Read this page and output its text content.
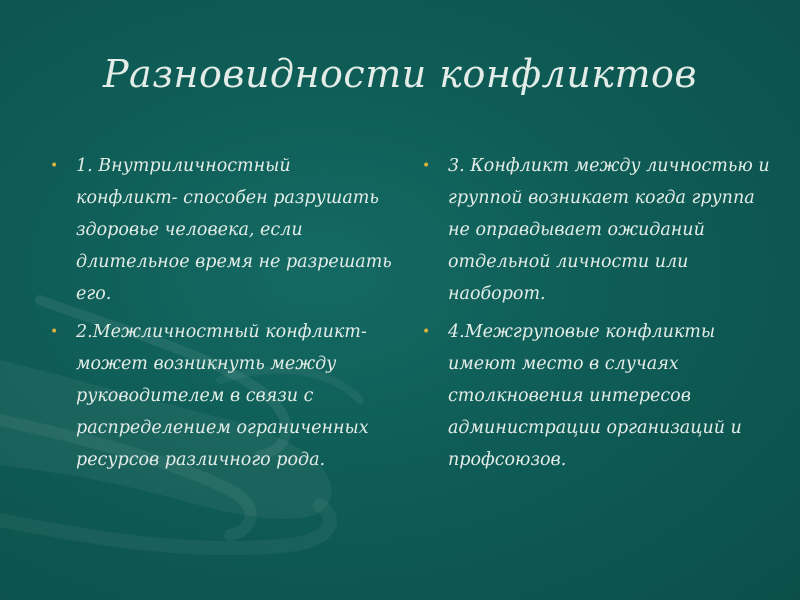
Разновидности конфликтов
• 1. Внутриличностный конфликт- способен разрушать здоровье человека, если длительное время не разрешать его.
• 2.Межличностный конфликт- может возникнуть между руководителем в связи с распределением ограниченных ресурсов различного рода.
• 3. Конфликт между личностью и группой возникает когда группа не оправдывает ожиданий отдельной личности или наоборот.
• 4.Межгруповые конфликты имеют место в случаях столкновения интересов администрации организаций и профсоюзов.
